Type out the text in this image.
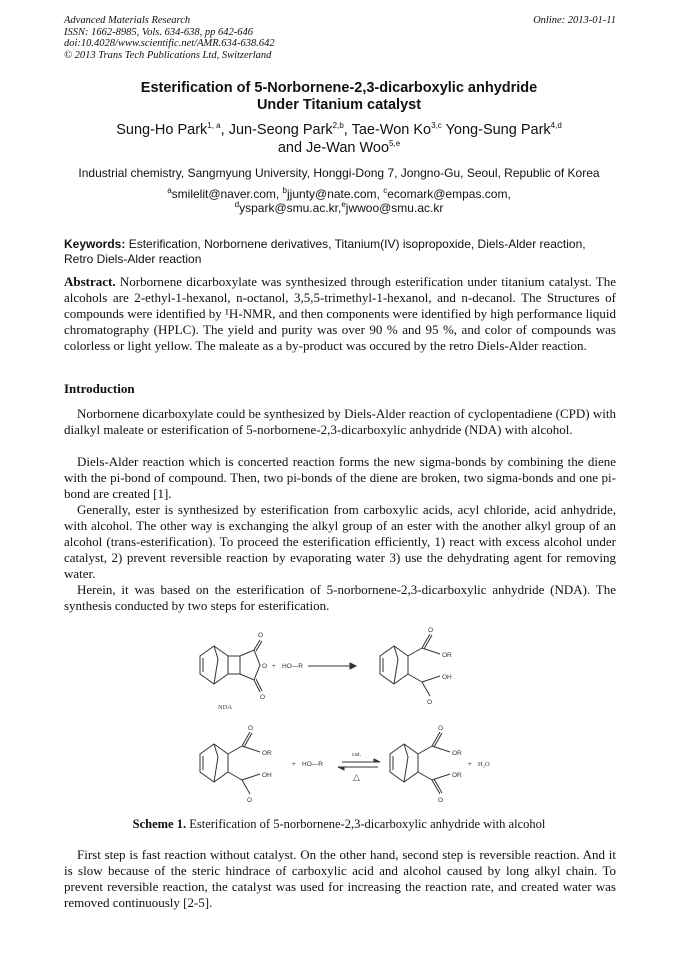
Advanced Materials Research
ISSN: 1662-8985, Vols. 634-638, pp 642-646
doi:10.4028/www.scientific.net/AMR.634-638.642
© 2013 Trans Tech Publications Ltd, Switzerland
Online: 2013-01-11
Esterification of 5-Norbornene-2,3-dicarboxylic anhydride
Under Titanium catalyst
Sung-Ho Park$^{1, a}$, Jun-Seong Park$^{2,b}$, Tae-Won Ko$^{3,c}$ Yong-Sung Park$^{4,d}$
and Je-Wan Woo$^{5,e}$
Industrial chemistry, Sangmyung University, Honggi-Dong 7, Jongno-Gu, Seoul, Republic of Korea
$^a$smilelit@naver.com, $^b$jjunty@nate.com, $^c$ecomark@empas.com,
$^d$yspark@smu.ac.kr,$^e$jwwoo@smu.ac.kr
Keywords: Esterification, Norbornene derivatives, Titanium(IV) isopropoxide, Diels-Alder reaction, Retro Diels-Alder reaction
Abstract. Norbornene dicarboxylate was synthesized through esterification under titanium catalyst. The alcohols are 2-ethyl-1-hexanol, n-octanol, 3,5,5-trimethyl-1-hexanol, and n-decanol. The Structures of compounds were identified by ¹H-NMR, and then components were identified by high performance liquid chromatography (HPLC). The yield and purity was over 90 % and 95 %, and color of compounds was colorless or light yellow. The maleate as a by-product was occured by the retro Diels-Alder reaction.
Introduction
Norbornene dicarboxylate could be synthesized by Diels-Alder reaction of cyclopentadiene (CPD) with dialkyl maleate or esterification of 5-norbornene-2,3-dicarboxylic anhydride (NDA) with alcohol.
Diels-Alder reaction which is concerted reaction forms the new sigma-bonds by combining the diene with the pi-bond of compound. Then, two pi-bonds of the diene are broken, two sigma-bonds and one pi-bond are created [1].
Generally, ester is synthesized by esterification from carboxylic acids, acyl chloride, acid anhydride, with alcohol. The other way is exchanging the alkyl group of an ester with the another alkyl group of an alcohol (trans-esterification). To proceed the esterification efficiently, 1) react with excess alcohol under catalyst, 2) prevent reversible reaction by evaporating water 3) use the dehydrating agent for removing water.
Herein, it was based on the esterification of 5-norbornene-2,3-dicarboxylic anhydride (NDA). The synthesis conducted by two steps for esterification.
O
O
O
NDA
+ HO—R
O
OR
OH
O
O
OR
OH
O
+ HO—R
cat.
△
O
OR
OR
O
+ H₂O
Scheme 1. Esterification of 5-norbornene-2,3-dicarboxylic anhydride with alcohol
First step is fast reaction without catalyst. On the other hand, second step is reversible reaction. And it is slow because of the steric hindrace of carboxylic acid and alcohol caused by long alkyl chain. To prevent reversible reaction, the catalyst was used for increasing the reaction rate, and created water was removed continuously [2-5].
